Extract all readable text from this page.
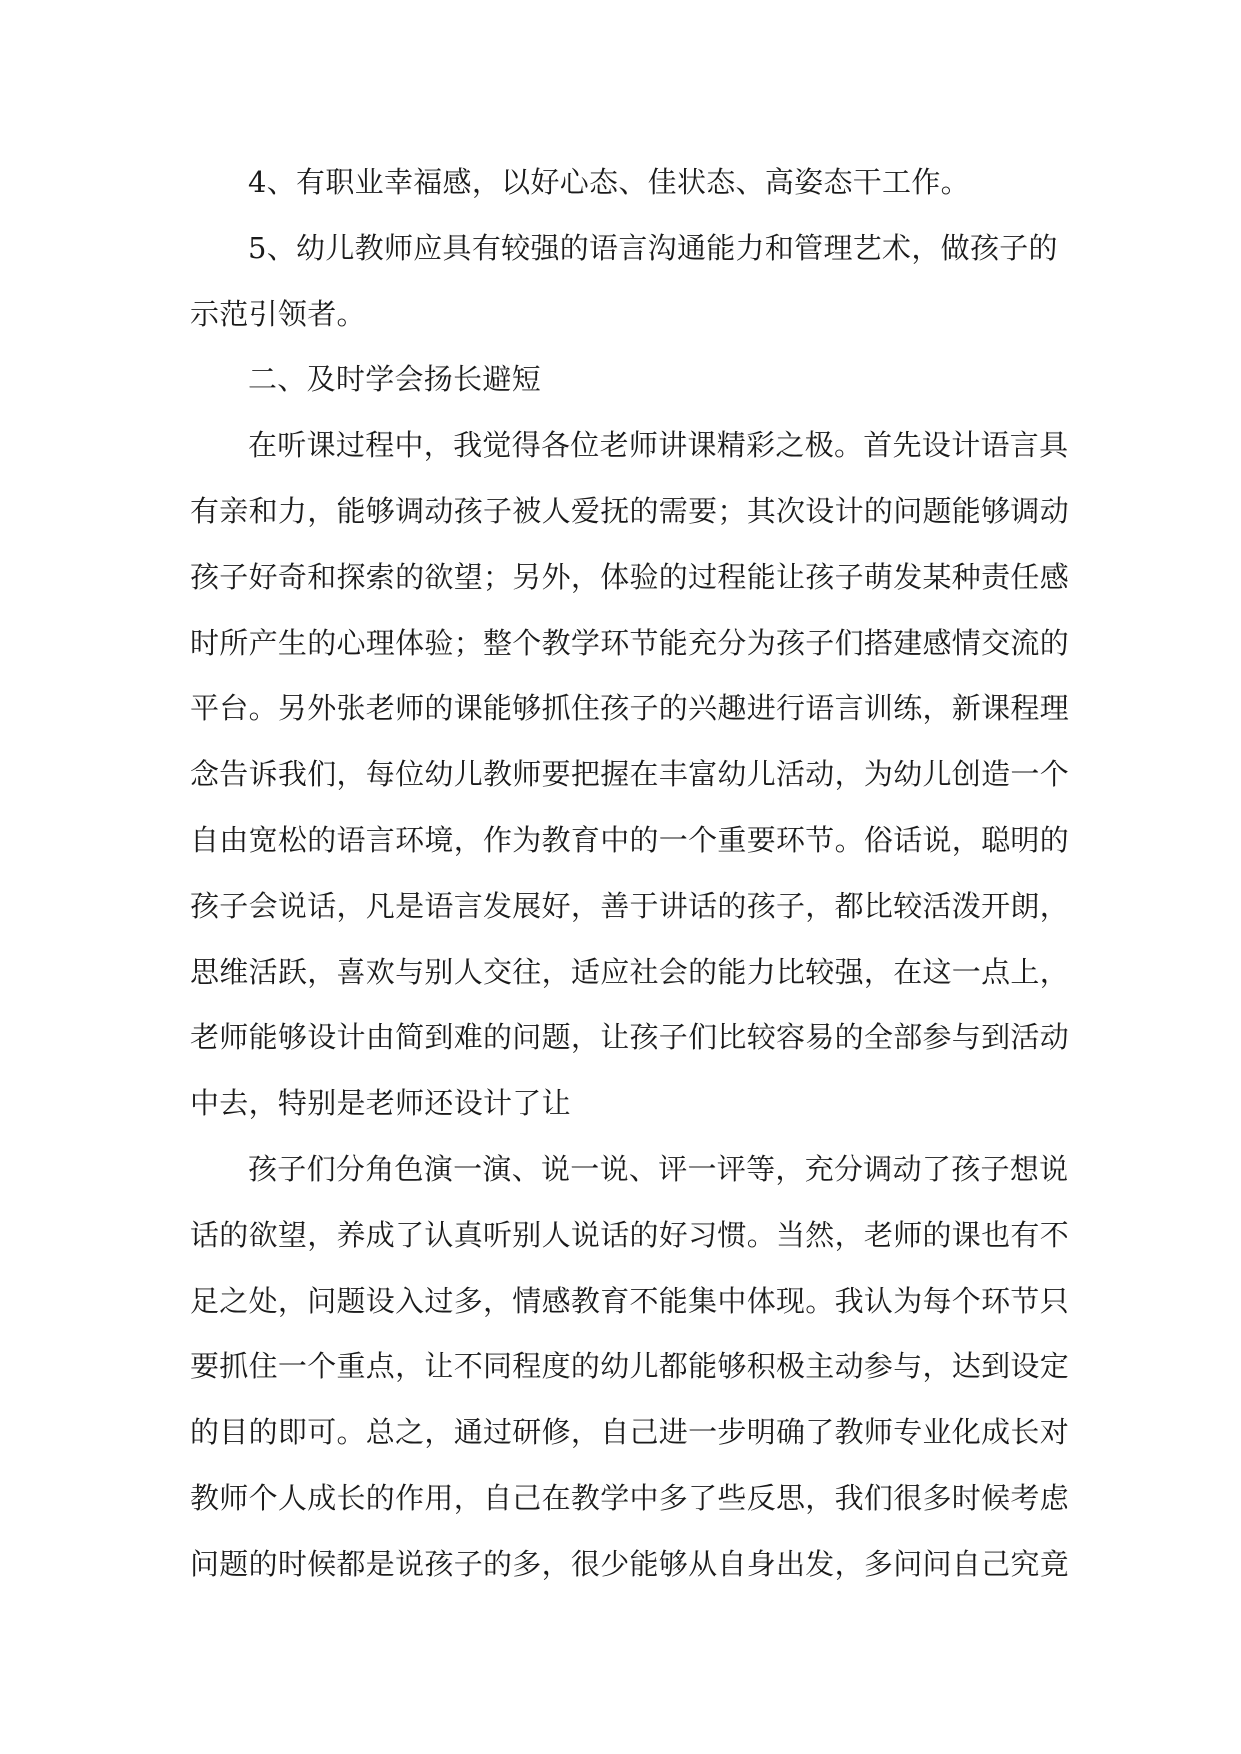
4、有职业幸福感，以好心态、佳状态、高姿态干工作。

5、幼儿教师应具有较强的语言沟通能力和管理艺术，做孩子的
示范引领者。

二、及时学会扬长避短

在听课过程中，我觉得各位老师讲课精彩之极。首先设计语言具
有亲和力，能够调动孩子被人爱抚的需要；其次设计的问题能够调动
孩子好奇和探索的欲望；另外，体验的过程能让孩子萌发某种责任感
时所产生的心理体验；整个教学环节能充分为孩子们搭建感情交流的
平台。另外张老师的课能够抓住孩子的兴趣进行语言训练，新课程理
念告诉我们，每位幼儿教师要把握在丰富幼儿活动，为幼儿创造一个
自由宽松的语言环境，作为教育中的一个重要环节。俗话说，聪明的
孩子会说话，凡是语言发展好，善于讲话的孩子，都比较活泼开朗，
思维活跃，喜欢与别人交往，适应社会的能力比较强，在这一点上，
老师能够设计由简到难的问题，让孩子们比较容易的全部参与到活动
中去，特别是老师还设计了让

孩子们分角色演一演、说一说、评一评等，充分调动了孩子想说
话的欲望，养成了认真听别人说话的好习惯。当然，老师的课也有不
足之处，问题设入过多，情感教育不能集中体现。我认为每个环节只
要抓住一个重点，让不同程度的幼儿都能够积极主动参与，达到设定
的目的即可。总之，通过研修，自己进一步明确了教师专业化成长对
教师个人成长的作用，自己在教学中多了些反思，我们很多时候考虑
问题的时候都是说孩子的多，很少能够从自身出发，多问问自己究竟
